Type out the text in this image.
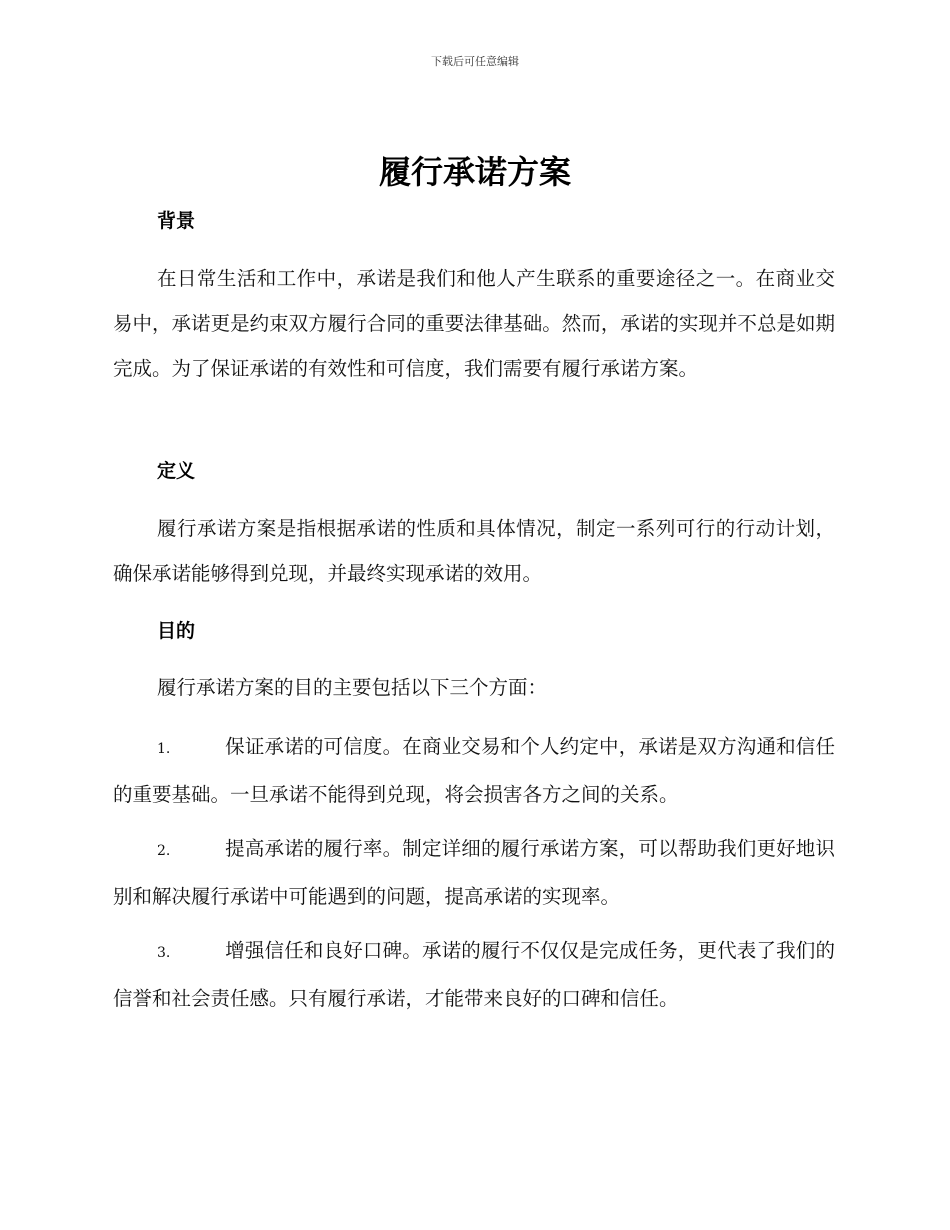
下载后可任意编辑
履行承诺方案
背景
在日常生活和工作中，承诺是我们和他人产生联系的重要途径之一。在商业交易中，承诺更是约束双方履行合同的重要法律基础。然而，承诺的实现并不总是如期完成。为了保证承诺的有效性和可信度，我们需要有履行承诺方案。
定义
履行承诺方案是指根据承诺的性质和具体情况，制定一系列可行的行动计划，确保承诺能够得到兑现，并最终实现承诺的效用。
目的
履行承诺方案的目的主要包括以下三个方面：
1.	保证承诺的可信度。在商业交易和个人约定中，承诺是双方沟通和信任的重要基础。一旦承诺不能得到兑现，将会损害各方之间的关系。
2.	提高承诺的履行率。制定详细的履行承诺方案，可以帮助我们更好地识别和解决履行承诺中可能遇到的问题，提高承诺的实现率。
3.	增强信任和良好口碑。承诺的履行不仅仅是完成任务，更代表了我们的信誉和社会责任感。只有履行承诺，才能带来良好的口碑和信任。
